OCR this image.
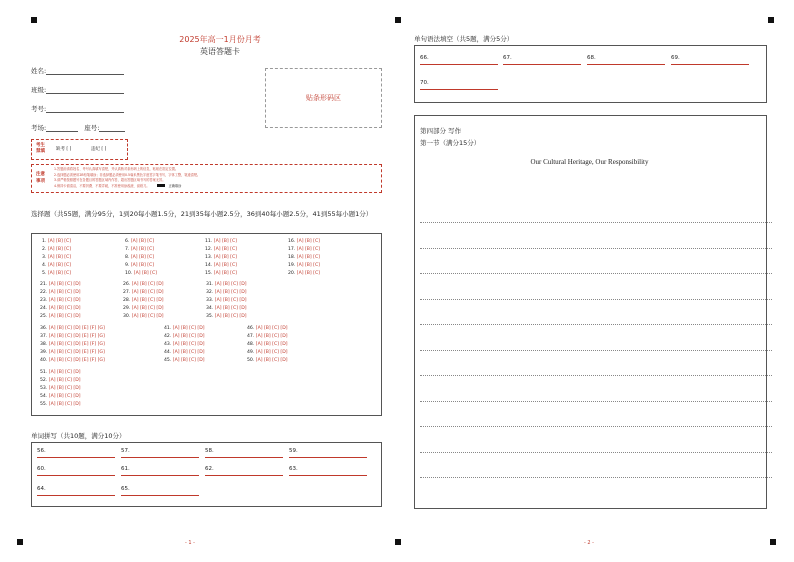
2025年高一1月份月考
英语答题卡
姓名:
班级:
考号:
考场:	座号:
贴条形码区
考生
禁填 缺考 [ ]	违纪 [ ]
注意
事项
1.答题前请将姓名、考号认真填写清楚，并认真核对条形码上的信息，粘贴在指定位置。
2.选择题必须使用2B铅笔填涂；非选择题必须使用0.5毫米黑色字迹签字笔书写，字体工整，笔迹清楚。
3.请严格按照题号在各题目的答题区域内作答，超出答题区域书写的答案无效。
4.保持卡面清洁，不要折叠、不要弄破，不准使用涂改液、刮纸刀。	正确填涂
选择题（共55题，满分95分，1到20每小题1.5分，21到35每小题2.5分，36到40每小题2.5分，41到55每小题1分）
1. [A] [B] [C]
2. [A] [B] [C]
3. [A] [B] [C]
4. [A] [B] [C]
5. [A] [B] [C]
6. [A] [B] [C]
7. [A] [B] [C]
8. [A] [B] [C]
9. [A] [B] [C]
10. [A] [B] [C]
11. [A] [B] [C]
12. [A] [B] [C]
13. [A] [B] [C]
14. [A] [B] [C]
15. [A] [B] [C]
16. [A] [B] [C]
17. [A] [B] [C]
18. [A] [B] [C]
19. [A] [B] [C]
20. [A] [B] [C]
21. [A] [B] [C] [D]
22. [A] [B] [C] [D]
23. [A] [B] [C] [D]
24. [A] [B] [C] [D]
25. [A] [B] [C] [D]
26. [A] [B] [C] [D]
27. [A] [B] [C] [D]
28. [A] [B] [C] [D]
29. [A] [B] [C] [D]
30. [A] [B] [C] [D]
31. [A] [B] [C] [D]
32. [A] [B] [C] [D]
33. [A] [B] [C] [D]
34. [A] [B] [C] [D]
35. [A] [B] [C] [D]
36. [A] [B] [C] [D] [E] [F] [G]
37. [A] [B] [C] [D] [E] [F] [G]
38. [A] [B] [C] [D] [E] [F] [G]
39. [A] [B] [C] [D] [E] [F] [G]
40. [A] [B] [C] [D] [E] [F] [G]
41. [A] [B] [C] [D]
42. [A] [B] [C] [D]
43. [A] [B] [C] [D]
44. [A] [B] [C] [D]
45. [A] [B] [C] [D]
46. [A] [B] [C] [D]
47. [A] [B] [C] [D]
48. [A] [B] [C] [D]
49. [A] [B] [C] [D]
50. [A] [B] [C] [D]
51. [A] [B] [C] [D]
52. [A] [B] [C] [D]
53. [A] [B] [C] [D]
54. [A] [B] [C] [D]
55. [A] [B] [C] [D]
单词拼写（共10题，满分10分）
56.	57.	58.	59.
60.	61.	62.	63.
64.	65.
- 1 -
单句语法填空（共5题，满分5分）
66.	67.	68.	69.
70.
第四部分 写作
第一节（满分15分）
Our Cultural Heritage, Our Responsibility
- 2 -
